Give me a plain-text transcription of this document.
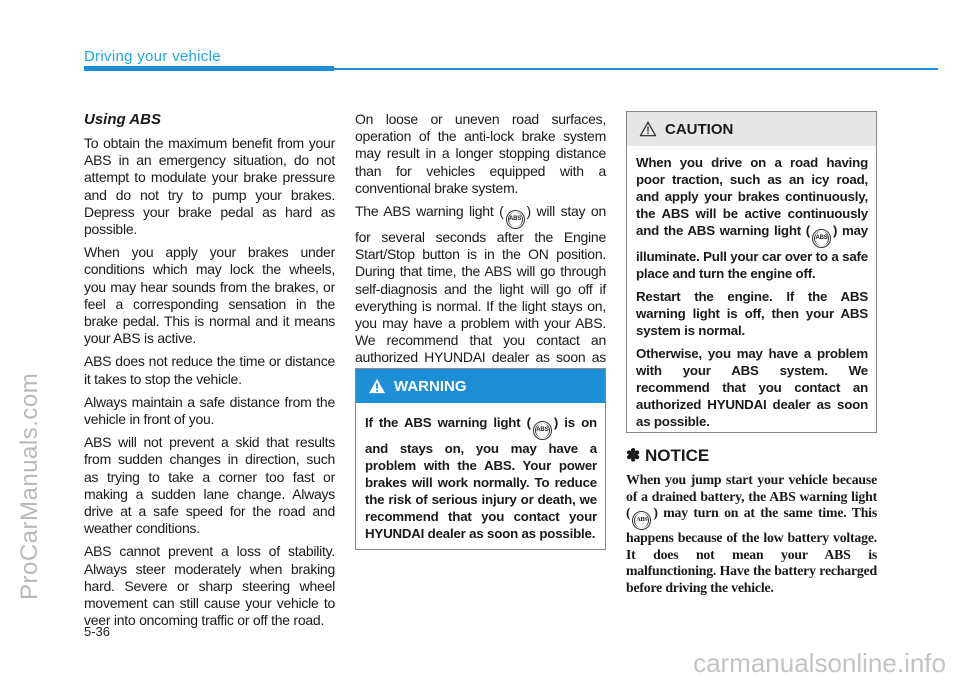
ProCarManuals.com
carmanualsonline.info
Driving your vehicle
Using ABS

To obtain the maximum benefit from your ABS in an emergency situation, do not attempt to modulate your brake pressure and do not try to pump your brakes. Depress your brake pedal as hard as possible.

When you apply your brakes under conditions which may lock the wheels, you may hear sounds from the brakes, or feel a corresponding sensation in the brake pedal. This is normal and it means your ABS is active.

ABS does not reduce the time or distance it takes to stop the vehicle.

Always maintain a safe distance from the vehicle in front of you.

ABS will not prevent a skid that results from sudden changes in direction, such as trying to take a corner too fast or making a sudden lane change. Always drive at a safe speed for the road and weather conditions.

ABS cannot prevent a loss of stability. Always steer moderately when braking hard. Severe or sharp steering wheel movement can still cause your vehicle to veer into oncoming traffic or off the road.

On loose or uneven road surfaces, operation of the anti-lock brake system may result in a longer stopping distance than for vehicles equipped with a conventional brake system.

The ABS warning light ( ABS ) will stay on for several seconds after the Engine Start/Stop button is in the ON position. During that time, the ABS will go through self-diagnosis and the light will go off if everything is normal. If the light stays on, you may have a problem with your ABS. We recommend that you contact an authorized HYUNDAI dealer as soon as

WARNING
If the ABS warning light ( ABS ) is on and stays on, you may have a problem with the ABS. Your power brakes will work normally. To reduce the risk of serious injury or death, we recommend that you contact your HYUNDAI dealer as soon as possible.
CAUTION

When you drive on a road having poor traction, such as an icy road, and apply your brakes continuously, the ABS will be active continuously and the ABS warning light ( ABS ) may illuminate. Pull your car over to a safe place and turn the engine off.

Restart the engine. If the ABS warning light is off, then your ABS system is normal.

Otherwise, you may have a problem with your ABS system. We recommend that you contact an authorized HYUNDAI dealer as soon as possible.

✽ NOTICE
When you jump start your vehicle because of a drained battery, the ABS warning light ( ABS ) may turn on at the same time. This happens because of the low battery voltage. It does not mean your ABS is malfunctioning. Have the battery recharged before driving the vehicle.
5-36
